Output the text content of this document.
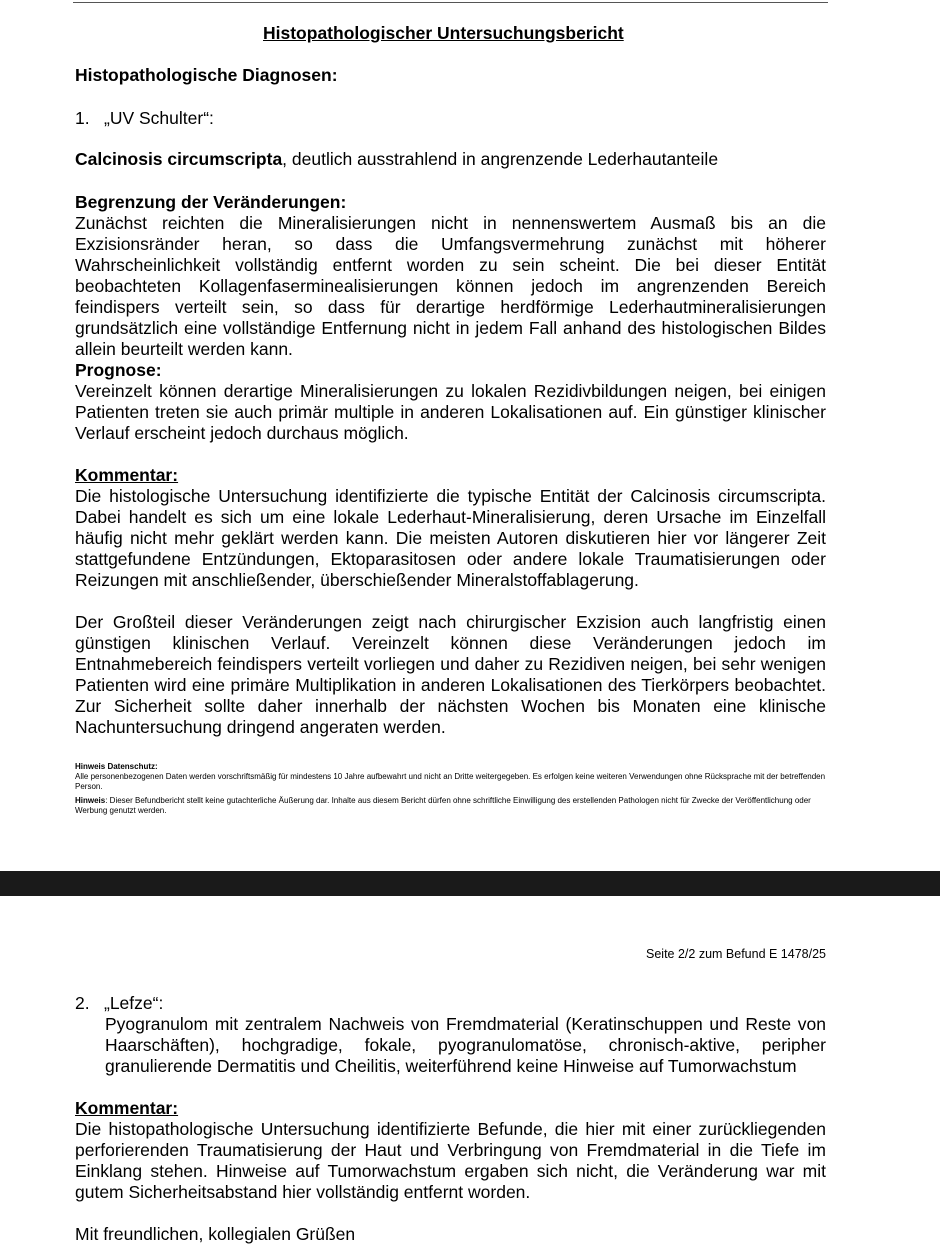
Histopathologischer Untersuchungsbericht

Histopathologische Diagnosen:

1. „UV Schulter“:

Calcinosis circumscripta, deutlich ausstrahlend in angrenzende Lederhautanteile

Begrenzung der Veränderungen:

Zunächst reichten die Mineralisierungen nicht in nennenswertem Ausmaß bis an die Exzisionsränder heran, so dass die Umfangsvermehrung zunächst mit höherer Wahrscheinlichkeit vollständig entfernt worden zu sein scheint. Die bei dieser Entität beobachteten Kollagenfaserminealisierungen können jedoch im angrenzenden Bereich feindispers verteilt sein, so dass für derartige herdförmige Lederhautmineralisierungen grundsätzlich eine vollständige Entfernung nicht in jedem Fall anhand des histologischen Bildes allein beurteilt werden kann.

Prognose:

Vereinzelt können derartige Mineralisierungen zu lokalen Rezidivbildungen neigen, bei einigen Patienten treten sie auch primär multiple in anderen Lokalisationen auf. Ein günstiger klinischer Verlauf erscheint jedoch durchaus möglich.

Kommentar:

Die histologische Untersuchung identifizierte die typische Entität der Calcinosis circumscripta. Dabei handelt es sich um eine lokale Lederhaut-Mineralisierung, deren Ursache im Einzelfall häufig nicht mehr geklärt werden kann. Die meisten Autoren diskutieren hier vor längerer Zeit stattgefundene Entzündungen, Ektoparasitosen oder andere lokale Traumatisierungen oder Reizungen mit anschließender, überschießender Mineralstoffablagerung.

Der Großteil dieser Veränderungen zeigt nach chirurgischer Exzision auch langfristig einen günstigen klinischen Verlauf. Vereinzelt können diese Veränderungen jedoch im Entnahmebereich feindispers verteilt vorliegen und daher zu Rezidiven neigen, bei sehr wenigen Patienten wird eine primäre Multiplikation in anderen Lokalisationen des Tierkörpers beobachtet. Zur Sicherheit sollte daher innerhalb der nächsten Wochen bis Monaten eine klinische Nachuntersuchung dringend angeraten werden.

Hinweis Datenschutz:

Alle personenbezogenen Daten werden vorschriftsmäßig für mindestens 10 Jahre aufbewahrt und nicht an Dritte weitergegeben. Es erfolgen keine weiteren Verwendungen ohne Rücksprache mit der betreffenden Person.

Hinweis: Dieser Befundbericht stellt keine gutachterliche Äußerung dar. Inhalte aus diesem Bericht dürfen ohne schriftliche Einwilligung des erstellenden Pathologen nicht für Zwecke der Veröffentlichung oder Werbung genutzt werden.

Seite 2/2 zum Befund E 1478/25
2. „Lefze“:

Pyogranulom mit zentralem Nachweis von Fremdmaterial (Keratinschuppen und Reste von Haarschäften), hochgradige, fokale, pyogranulomatöse, chronisch-aktive, peripher granulierende Dermatitis und Cheilitis, weiterführend keine Hinweise auf Tumorwachstum

Kommentar:

Die histopathologische Untersuchung identifizierte Befunde, die hier mit einer zurückliegenden perforierenden Traumatisierung der Haut und Verbringung von Fremdmaterial in die Tiefe im Einklang stehen. Hinweise auf Tumorwachstum ergaben sich nicht, die Veränderung war mit gutem Sicherheitsabstand hier vollständig entfernt worden.

Mit freundlichen, kollegialen Grüßen
